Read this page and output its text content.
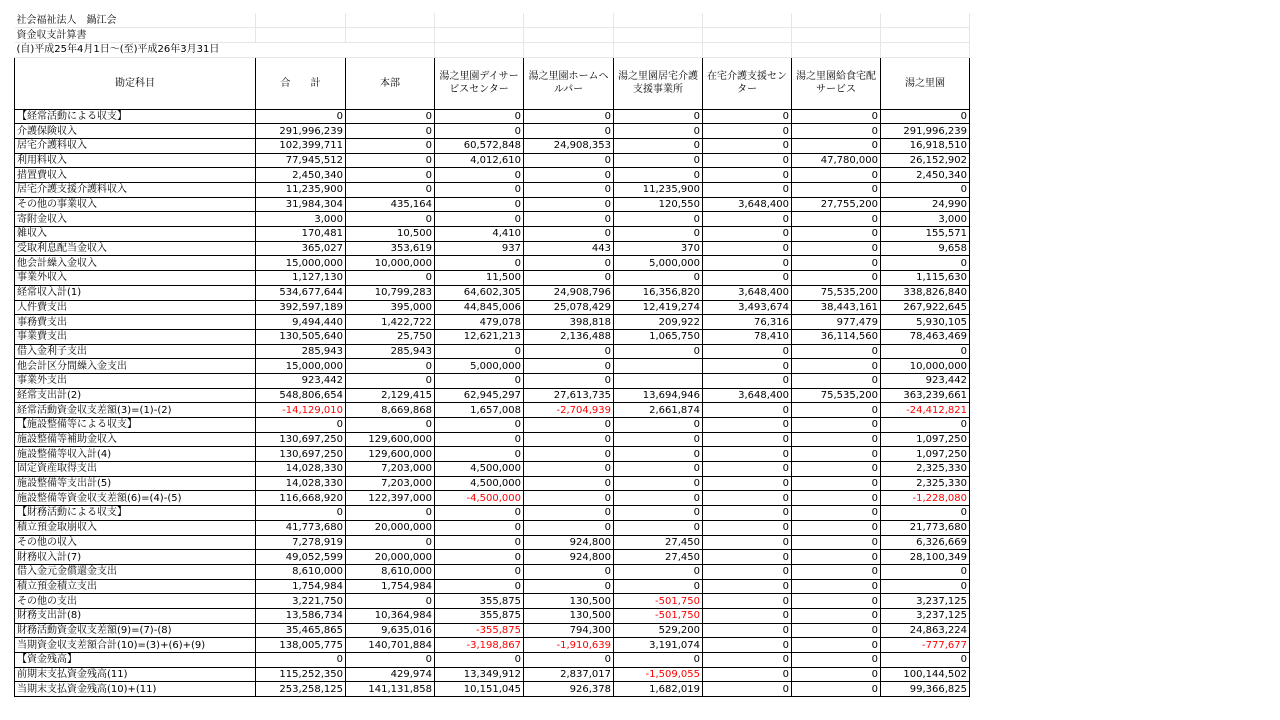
社会福祉法人　鍋江会								
資金収支計算書								
(自)平成25年4月1日～(至)平成26年3月31日								
勘定科目	合　　計	本部	湯之里園デイサービスセンター	湯之里園ホームヘルパー	湯之里園居宅介護支援事業所	在宅介護支援センター	湯之里園給食宅配サービス	湯之里園
【経常活動による収支】	0	0	0	0	0	0	0	0
介護保険収入	291,996,239	0	0	0	0	0	0	291,996,239
居宅介護料収入	102,399,711	0	60,572,848	24,908,353	0	0	0	16,918,510
利用料収入	77,945,512	0	4,012,610	0	0	0	47,780,000	26,152,902
措置費収入	2,450,340	0	0	0	0	0	0	2,450,340
居宅介護支援介護料収入	11,235,900	0	0	0	11,235,900	0	0	0
その他の事業収入	31,984,304	435,164	0	0	120,550	3,648,400	27,755,200	24,990
寄附金収入	3,000	0	0	0	0	0	0	3,000
雑収入	170,481	10,500	4,410	0	0	0	0	155,571
受取利息配当金収入	365,027	353,619	937	443	370	0	0	9,658
他会計繰入金収入	15,000,000	10,000,000	0	0	5,000,000	0	0	0
事業外収入	1,127,130	0	11,500	0	0	0	0	1,115,630
経常収入計(1)	534,677,644	10,799,283	64,602,305	24,908,796	16,356,820	3,648,400	75,535,200	338,826,840
人件費支出	392,597,189	395,000	44,845,006	25,078,429	12,419,274	3,493,674	38,443,161	267,922,645
事務費支出	9,494,440	1,422,722	479,078	398,818	209,922	76,316	977,479	5,930,105
事業費支出	130,505,640	25,750	12,621,213	2,136,488	1,065,750	78,410	36,114,560	78,463,469
借入金利子支出	285,943	285,943	0	0	0	0	0	0
他会計区分間繰入金支出	15,000,000	0	5,000,000	0		0	0	10,000,000
事業外支出	923,442	0	0	0		0	0	923,442
経常支出計(2)	548,806,654	2,129,415	62,945,297	27,613,735	13,694,946	3,648,400	75,535,200	363,239,661
経常活動資金収支差額(3)=(1)-(2)	-14,129,010	8,669,868	1,657,008	-2,704,939	2,661,874	0	0	-24,412,821
【施設整備等による収支】	0	0	0	0	0	0	0	0
施設整備等補助金収入	130,697,250	129,600,000	0	0	0	0	0	1,097,250
施設整備等収入計(4)	130,697,250	129,600,000	0	0	0	0	0	1,097,250
固定資産取得支出	14,028,330	7,203,000	4,500,000	0	0	0	0	2,325,330
施設整備等支出計(5)	14,028,330	7,203,000	4,500,000	0	0	0	0	2,325,330
施設整備等資金収支差額(6)=(4)-(5)	116,668,920	122,397,000	-4,500,000	0	0	0	0	-1,228,080
【財務活動による収支】	0	0	0	0	0	0	0	0
積立預金取崩収入	41,773,680	20,000,000	0	0	0	0	0	21,773,680
その他の収入	7,278,919	0	0	924,800	27,450	0	0	6,326,669
財務収入計(7)	49,052,599	20,000,000	0	924,800	27,450	0	0	28,100,349
借入金元金償還金支出	8,610,000	8,610,000	0	0	0	0	0	0
積立預金積立支出	1,754,984	1,754,984	0	0	0	0	0	0
その他の支出	3,221,750	0	355,875	130,500	-501,750	0	0	3,237,125
財務支出計(8)	13,586,734	10,364,984	355,875	130,500	-501,750	0	0	3,237,125
財務活動資金収支差額(9)=(7)-(8)	35,465,865	9,635,016	-355,875	794,300	529,200	0	0	24,863,224
当期資金収支差額合計(10)=(3)+(6)+(9)	138,005,775	140,701,884	-3,198,867	-1,910,639	3,191,074	0	0	-777,677
【資金残高】	0	0	0	0	0	0	0	0
前期末支払資金残高(11)	115,252,350	429,974	13,349,912	2,837,017	-1,509,055	0	0	100,144,502
当期末支払資金残高(10)+(11)	253,258,125	141,131,858	10,151,045	926,378	1,682,019	0	0	99,366,825
